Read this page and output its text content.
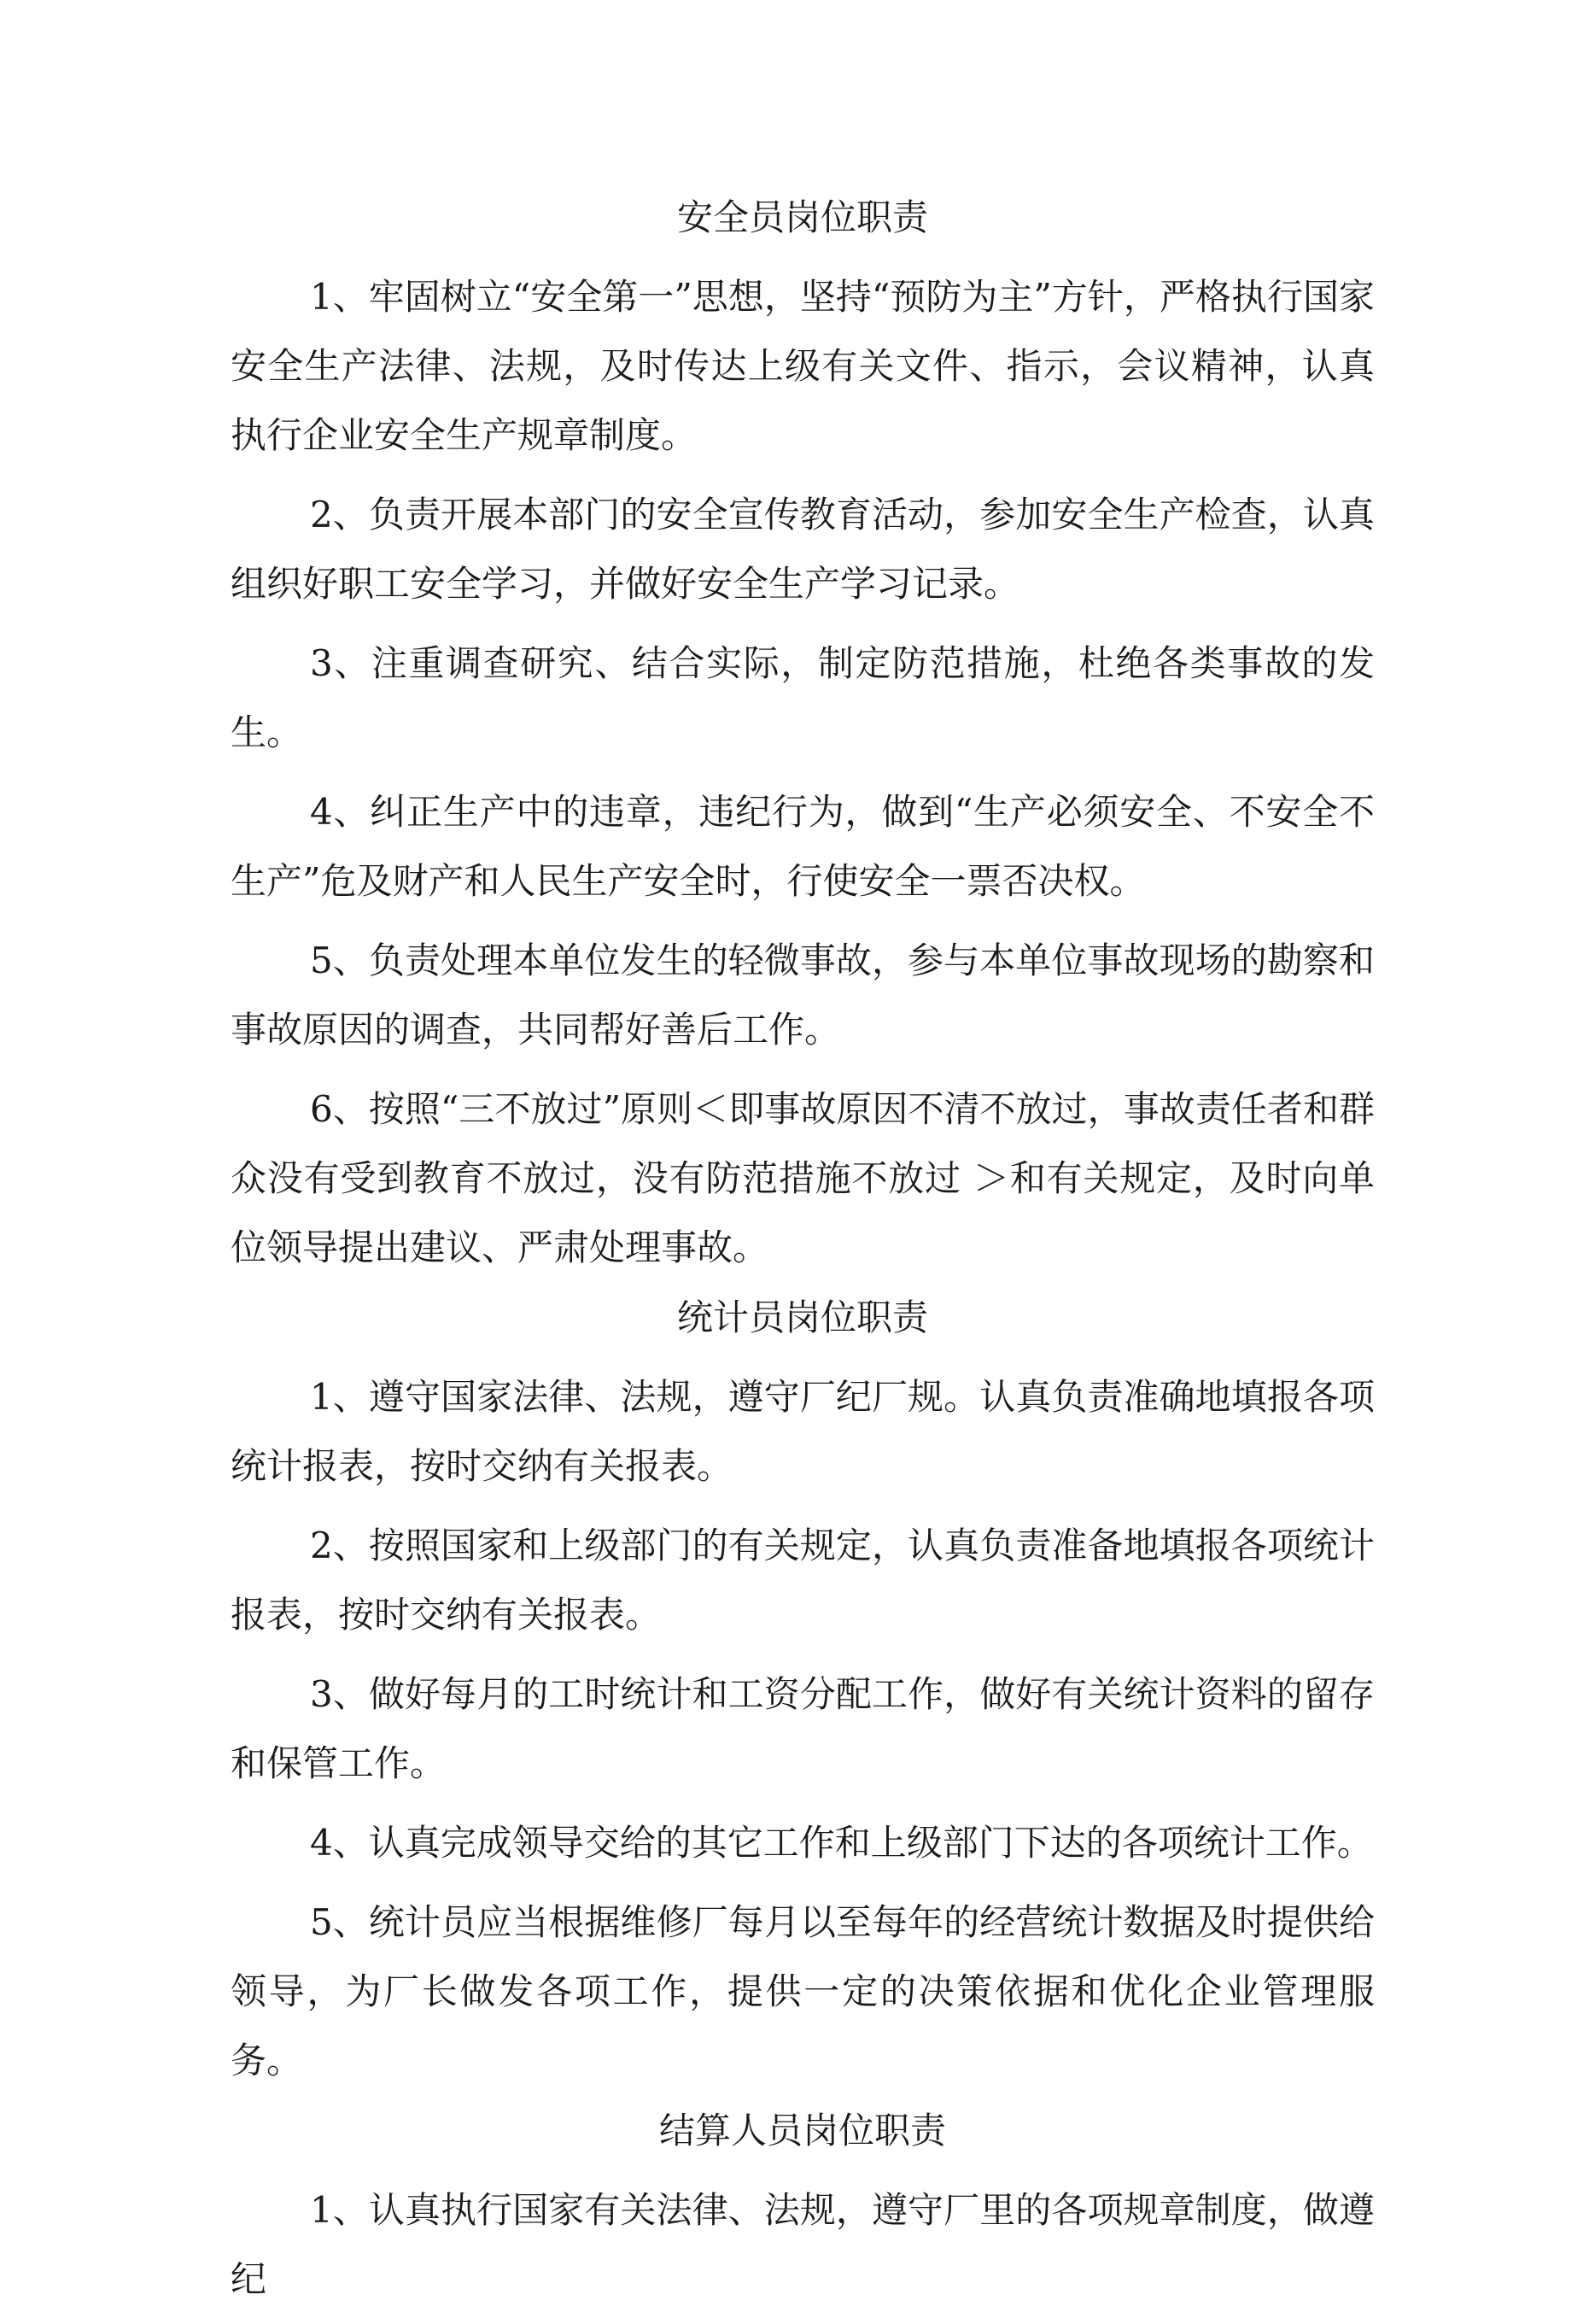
安全员岗位职责

1、牢固树立“安全第一”思想，坚持“预防为主”方针，严格执行国家安全生产法律、法规，及时传达上级有关文件、指示，会议精神，认真执行企业安全生产规章制度。

2、负责开展本部门的安全宣传教育活动，参加安全生产检查，认真组织好职工安全学习，并做好安全生产学习记录。

3、注重调查研究、结合实际，制定防范措施，杜绝各类事故的发生。

4、纠正生产中的违章，违纪行为，做到“生产必须安全、不安全不生产”危及财产和人民生产安全时，行使安全一票否决权。

5、负责处理本单位发生的轻微事故，参与本单位事故现场的勘察和事故原因的调查，共同帮好善后工作。

6、按照“三不放过”原则＜即事故原因不清不放过，事故责任者和群众没有受到教育不放过，没有防范措施不放过 ＞和有关规定，及时向单位领导提出建议、严肃处理事故。

统计员岗位职责

1、遵守国家法律、法规，遵守厂纪厂规。认真负责准确地填报各项统计报表，按时交纳有关报表。

2、按照国家和上级部门的有关规定，认真负责准备地填报各项统计报表，按时交纳有关报表。

3、做好每月的工时统计和工资分配工作，做好有关统计资料的留存和保管工作。

4、认真完成领导交给的其它工作和上级部门下达的各项统计工作。

5、统计员应当根据维修厂每月以至每年的经营统计数据及时提供给领导，为厂长做发各项工作，提供一定的决策依据和优化企业管理服务。

结算人员岗位职责

1、认真执行国家有关法律、法规，遵守厂里的各项规章制度，做遵纪
